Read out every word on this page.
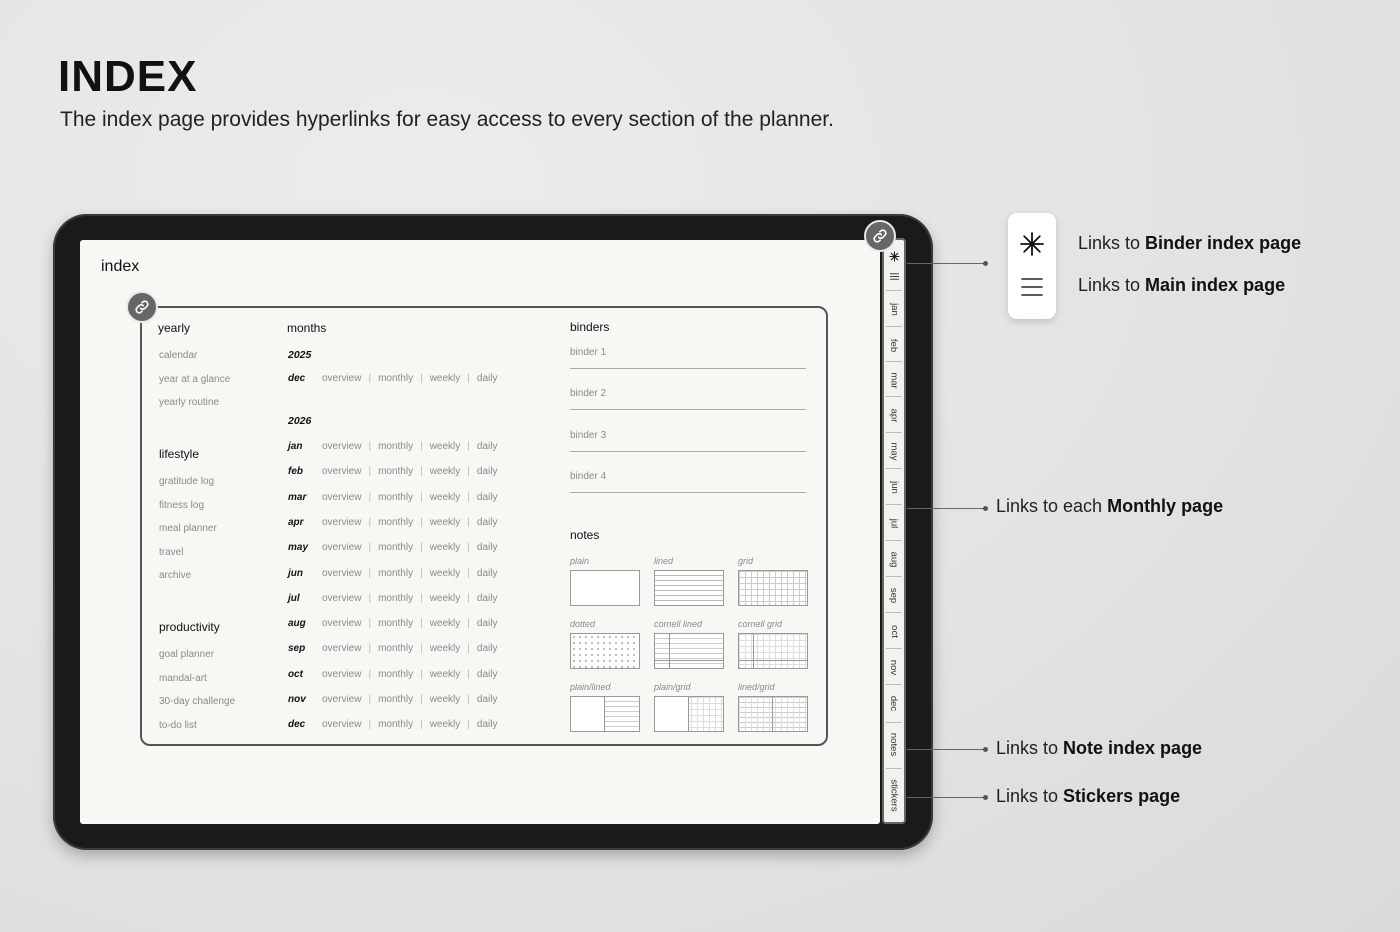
INDEX
The index page provides hyperlinks for easy access to every section of the planner.
index
yearly
calendar
year at a glance
yearly routine
lifestyle
gratitude log
fitness log
meal planner
travel
archive
productivity
goal planner
mandal-art
30-day challenge
to-do list
months
2025
dec overview | monthly | weekly | daily
2026
jan overview | monthly | weekly | daily
feb overview | monthly | weekly | daily
mar overview | monthly | weekly | daily
apr overview | monthly | weekly | daily
may overview | monthly | weekly | daily
jun overview | monthly | weekly | daily
jul overview | monthly | weekly | daily
aug overview | monthly | weekly | daily
sep overview | monthly | weekly | daily
oct overview | monthly | weekly | daily
nov overview | monthly | weekly | daily
dec overview | monthly | weekly | daily
binders
binder 1
binder 2
binder 3
binder 4
notes
plain	lined	grid
dotted	cornell lined	cornell grid
plain/lined	plain/grid	lined/grid
jan
feb
mar
apr
may
jun
jul
aug
sep
oct
nov
dec
notes
stickers
Links to Binder index page
Links to Main index page
Links to each Monthly page
Links to Note index page
Links to Stickers page
